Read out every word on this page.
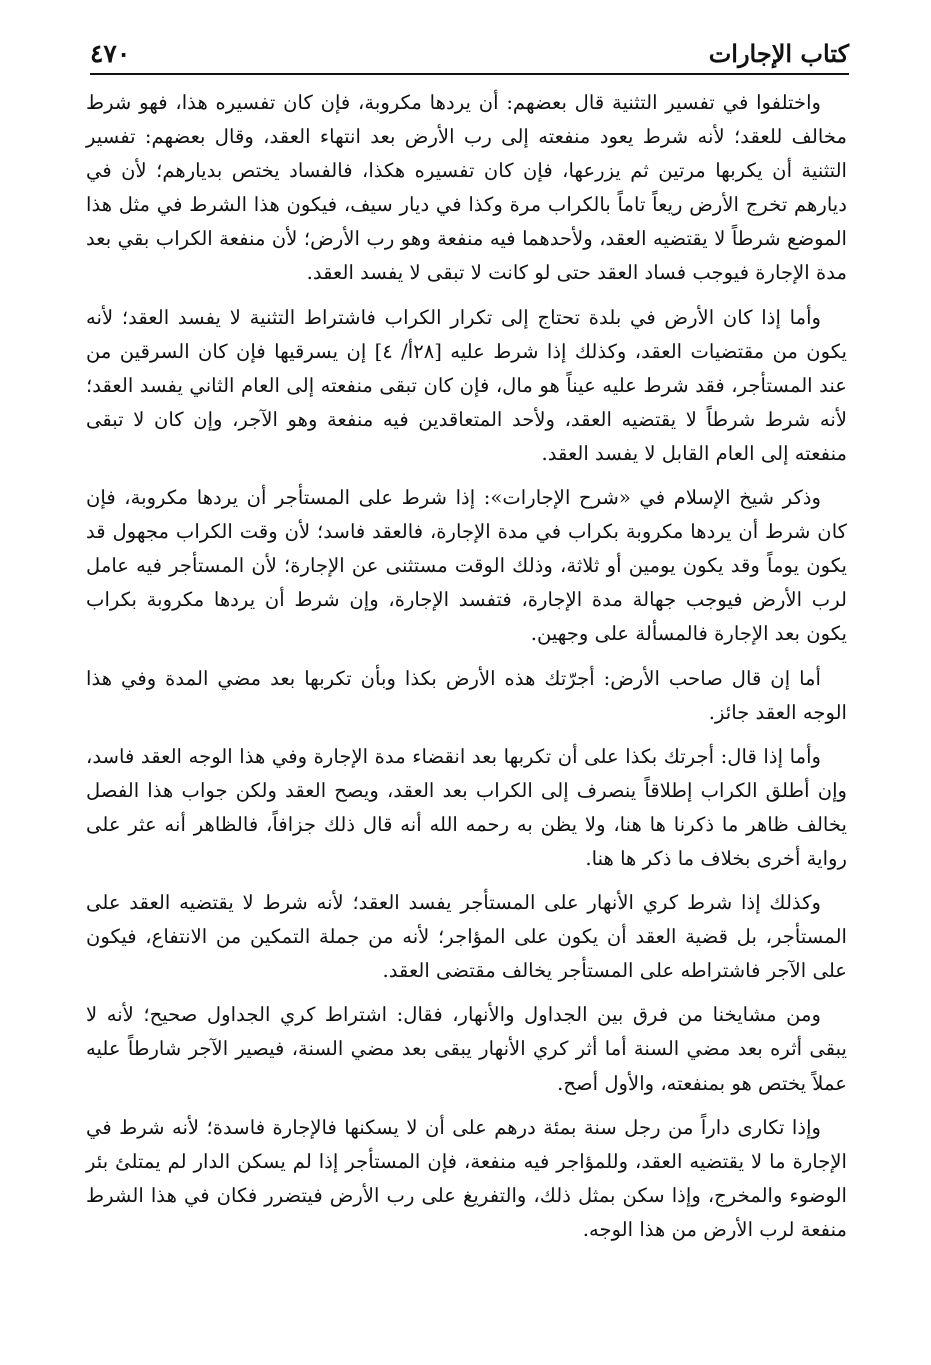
كتاب الإجارات
٤٧٠

واختلفوا في تفسير التثنية قال بعضهم: أن يردها مكروبة، فإن كان تفسيره هذا، فهو شرط مخالف للعقد؛ لأنه شرط يعود منفعته إلى رب الأرض بعد انتهاء العقد، وقال بعضهم: تفسير التثنية أن يكربها مرتين ثم يزرعها، فإن كان تفسيره هكذا، فالفساد يختص بديارهم؛ لأن في ديارهم تخرج الأرض ريعاً تاماً بالكراب مرة وكذا في ديار سيف، فيكون هذا الشرط في مثل هذا الموضع شرطاً لا يقتضيه العقد، ولأحدهما فيه منفعة وهو رب الأرض؛ لأن منفعة الكراب بقي بعد مدة الإجارة فيوجب فساد العقد حتى لو كانت لا تبقى لا يفسد العقد.

وأما إذا كان الأرض في بلدة تحتاج إلى تكرار الكراب فاشتراط التثنية لا يفسد العقد؛ لأنه يكون من مقتضيات العقد، وكذلك إذا شرط عليه [٢٨أ/ ٤] إن يسرقيها فإن كان السرقين من عند المستأجر، فقد شرط عليه عيناً هو مال، فإن كان تبقى منفعته إلى العام الثاني يفسد العقد؛ لأنه شرط شرطاً لا يقتضيه العقد، ولأحد المتعاقدين فيه منفعة وهو الآجر، وإن كان لا تبقى منفعته إلى العام القابل لا يفسد العقد.

وذكر شيخ الإسلام في «شرح الإجارات»: إذا شرط على المستأجر أن يردها مكروبة، فإن كان شرط أن يردها مكروبة بكراب في مدة الإجارة، فالعقد فاسد؛ لأن وقت الكراب مجهول قد يكون يوماً وقد يكون يومين أو ثلاثة، وذلك الوقت مستثنى عن الإجارة؛ لأن المستأجر فيه عامل لرب الأرض فيوجب جهالة مدة الإجارة، فتفسد الإجارة، وإن شرط أن يردها مكروبة بكراب يكون بعد الإجارة فالمسألة على وجهين.

أما إن قال صاحب الأرض: أجرّتك هذه الأرض بكذا وبأن تكربها بعد مضي المدة وفي هذا الوجه العقد جائز.

وأما إذا قال: أجرتك بكذا على أن تكربها بعد انقضاء مدة الإجارة وفي هذا الوجه العقد فاسد، وإن أطلق الكراب إطلاقاً ينصرف إلى الكراب بعد العقد، ويصح العقد ولكن جواب هذا الفصل يخالف ظاهر ما ذكرنا ها هنا، ولا يظن به رحمه الله أنه قال ذلك جزافاً، فالظاهر أنه عثر على رواية أخرى بخلاف ما ذكر ها هنا.

وكذلك إذا شرط كري الأنهار على المستأجر يفسد العقد؛ لأنه شرط لا يقتضيه العقد على المستأجر، بل قضية العقد أن يكون على المؤاجر؛ لأنه من جملة التمكين من الانتفاع، فيكون على الآجر فاشتراطه على المستأجر يخالف مقتضى العقد.

ومن مشايخنا من فرق بين الجداول والأنهار، فقال: اشتراط كري الجداول صحيح؛ لأنه لا يبقى أثره بعد مضي السنة أما أثر كري الأنهار يبقى بعد مضي السنة، فيصير الآجر شارطاً عليه عملاً يختص هو بمنفعته، والأول أصح.

وإذا تكارى داراً من رجل سنة بمئة درهم على أن لا يسكنها فالإجارة فاسدة؛ لأنه شرط في الإجارة ما لا يقتضيه العقد، وللمؤاجر فيه منفعة، فإن المستأجر إذا لم يسكن الدار لم يمتلئ بئر الوضوء والمخرج، وإذا سكن بمثل ذلك، والتفريغ على رب الأرض فيتضرر فكان في هذا الشرط منفعة لرب الأرض من هذا الوجه.
